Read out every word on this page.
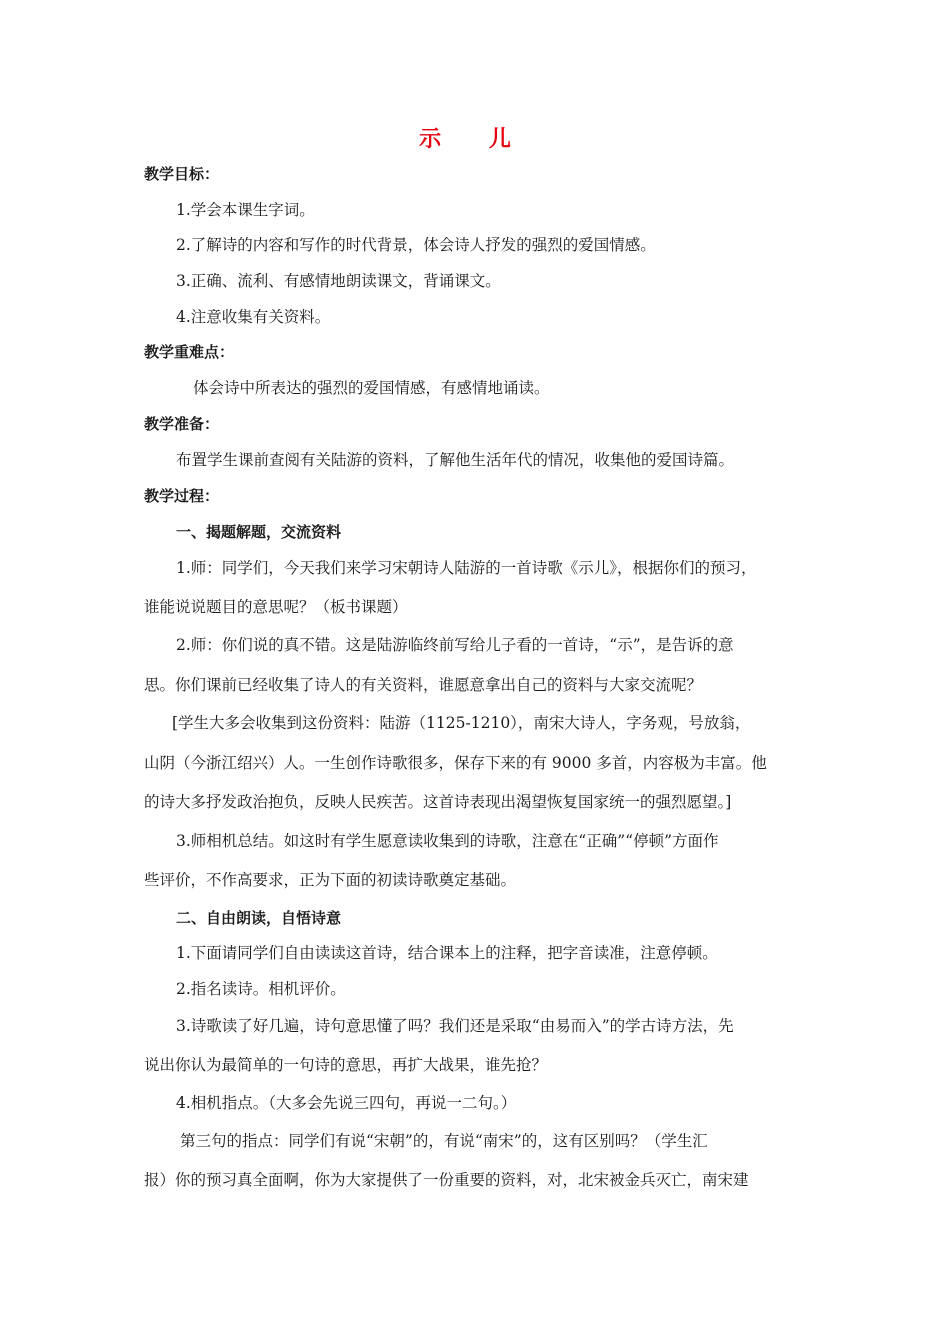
示 儿
教学目标：
1.学会本课生字词。
2.了解诗的内容和写作的时代背景，体会诗人抒发的强烈的爱国情感。
3.正确、流利、有感情地朗读课文，背诵课文。
4.注意收集有关资料。
教学重难点：
体会诗中所表达的强烈的爱国情感，有感情地诵读。
教学准备：
布置学生课前查阅有关陆游的资料，了解他生活年代的情况，收集他的爱国诗篇。
教学过程：
一、揭题解题，交流资料
1.师：同学们，今天我们来学习宋朝诗人陆游的一首诗歌《示儿》，根据你们的预习，
谁能说说题目的意思呢？（板书课题）
2.师：你们说的真不错。这是陆游临终前写给儿子看的一首诗，“示”，是告诉的意
思。你们课前已经收集了诗人的有关资料，谁愿意拿出自己的资料与大家交流呢？
[学生大多会收集到这份资料：陆游（1125-1210），南宋大诗人，字务观，号放翁，
山阴（今浙江绍兴）人。一生创作诗歌很多，保存下来的有 9000 多首，内容极为丰富。他
的诗大多抒发政治抱负，反映人民疾苦。这首诗表现出渴望恢复国家统一的强烈愿望。]
3.师相机总结。如这时有学生愿意读收集到的诗歌，注意在“正确”“停顿”方面作
些评价，不作高要求，正为下面的初读诗歌奠定基础。
二、自由朗读，自悟诗意
1.下面请同学们自由读读这首诗，结合课本上的注释，把字音读准，注意停顿。
2.指名读诗。相机评价。
3.诗歌读了好几遍，诗句意思懂了吗？我们还是采取“由易而入”的学古诗方法，先
说出你认为最简单的一句诗的意思，再扩大战果，谁先抢？
4.相机指点。（大多会先说三四句，再说一二句。）
第三句的指点：同学们有说“宋朝”的，有说“南宋”的，这有区别吗？（学生汇
报）你的预习真全面啊，你为大家提供了一份重要的资料，对，北宋被金兵灭亡，南宋建
